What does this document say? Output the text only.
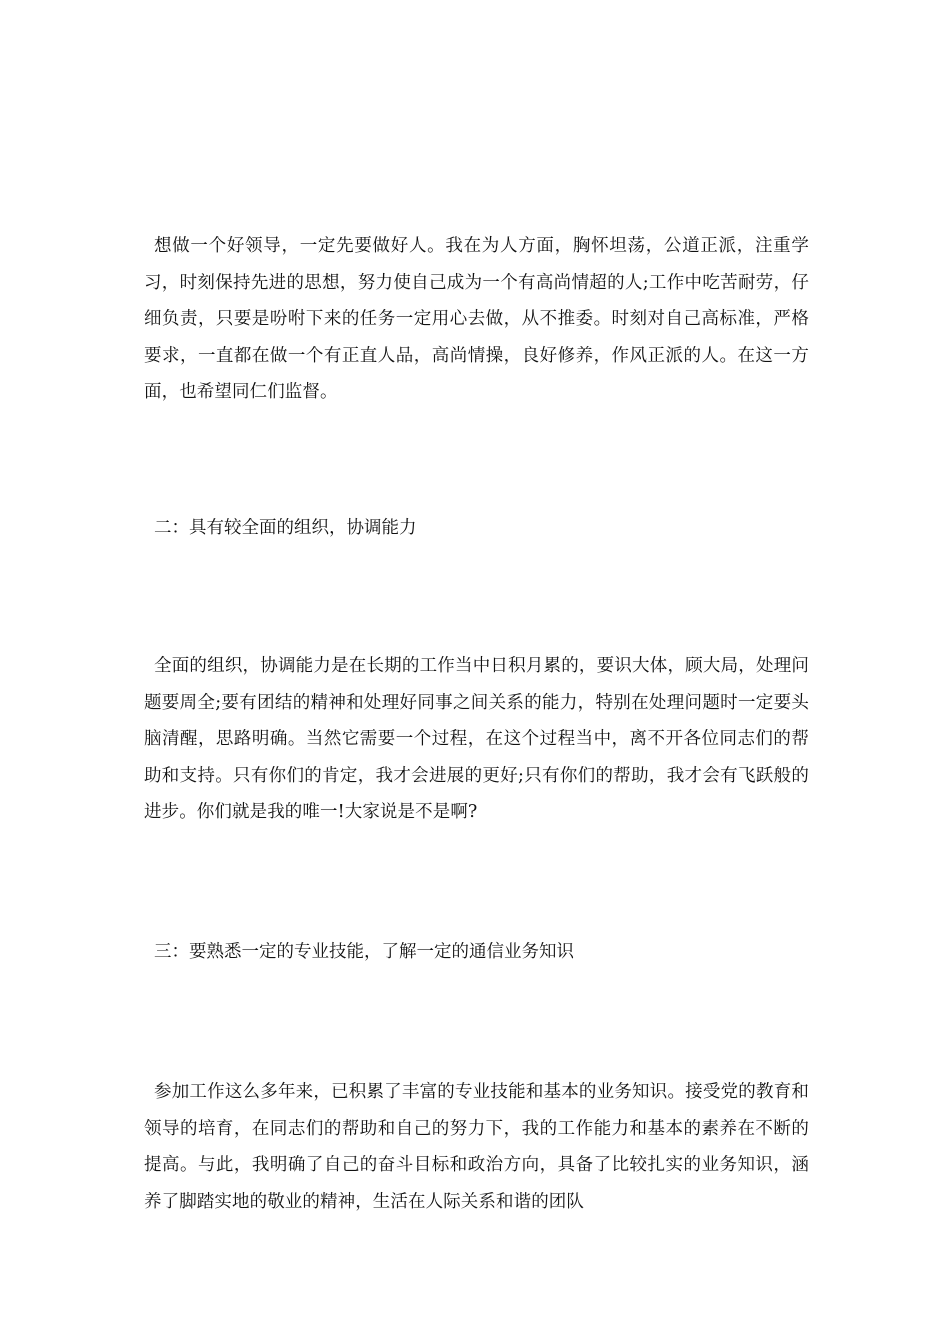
想做一个好领导，一定先要做好人。我在为人方面，胸怀坦荡，公道正派，注重学习，时刻保持先进的思想，努力使自己成为一个有高尚情超的人;工作中吃苦耐劳，仔细负责，只要是吩咐下来的任务一定用心去做，从不推委。时刻对自己高标准，严格要求，一直都在做一个有正直人品，高尚情操，良好修养，作风正派的人。在这一方面，也希望同仁们监督。

二：具有较全面的组织，协调能力

全面的组织，协调能力是在长期的工作当中日积月累的，要识大体，顾大局，处理问题要周全;要有团结的精神和处理好同事之间关系的能力，特别在处理问题时一定要头脑清醒，思路明确。当然它需要一个过程，在这个过程当中，离不开各位同志们的帮助和支持。只有你们的肯定，我才会进展的更好;只有你们的帮助，我才会有飞跃般的进步。你们就是我的唯一!大家说是不是啊?

三：要熟悉一定的专业技能，了解一定的通信业务知识

参加工作这么多年来，已积累了丰富的专业技能和基本的业务知识。接受党的教育和领导的培育，在同志们的帮助和自己的努力下，我的工作能力和基本的素养在不断的提高。与此，我明确了自己的奋斗目标和政治方向，具备了比较扎实的业务知识，涵养了脚踏实地的敬业的精神，生活在人际关系和谐的团队
